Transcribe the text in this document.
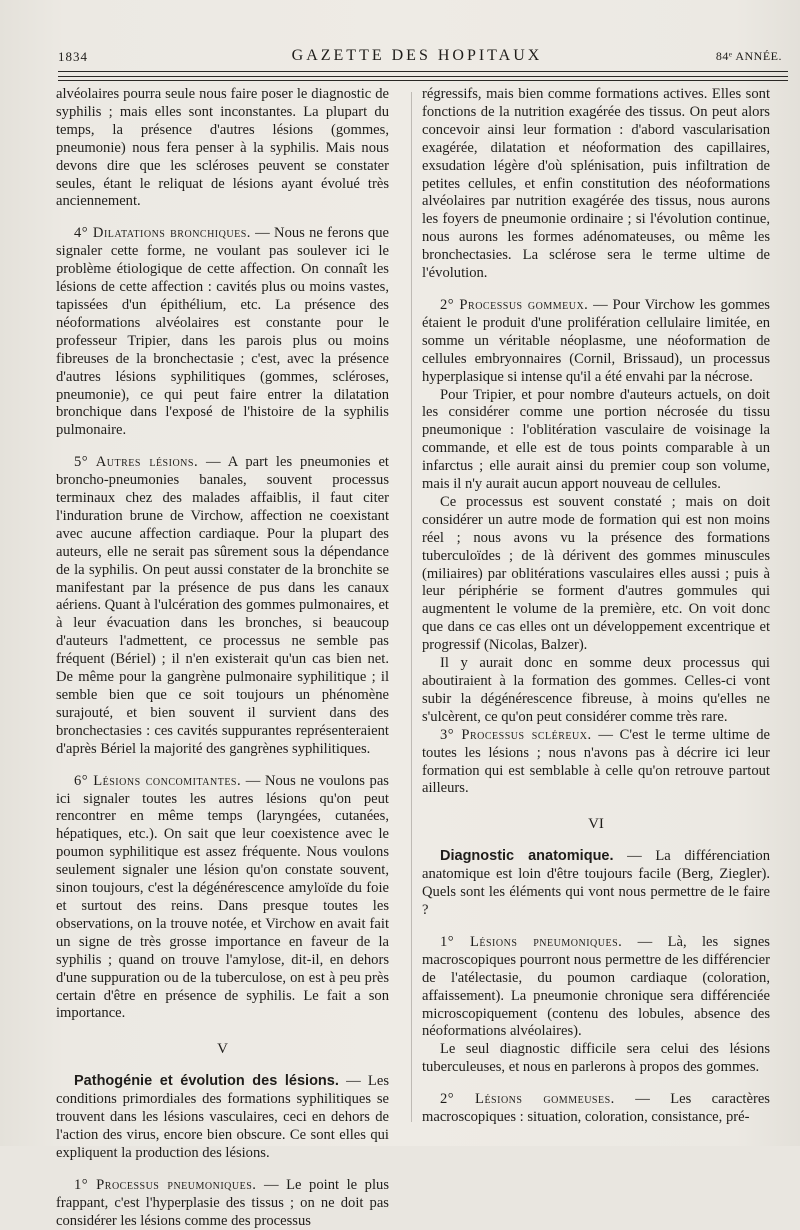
1834	GAZETTE DES HOPITAUX	84ᵉ ANNÉE.

alvéolaires pourra seule nous faire poser le diagnostic de syphilis ; mais elles sont inconstantes. La plupart du temps, la présence d'autres lésions (gommes, pneumonie) nous fera penser à la syphilis. Mais nous devons dire que les scléroses peuvent se constater seules, étant le reliquat de lésions ayant évolué très anciennement.

4° Dilatations bronchiques. — Nous ne ferons que signaler cette forme, ne voulant pas soulever ici le problème étiologique de cette affection. On connaît les lésions de cette affection : cavités plus ou moins vastes, tapissées d'un épithélium, etc. La présence des néoformations alvéolaires est constante pour le professeur Tripier, dans les parois plus ou moins fibreuses de la bronchectasie ; c'est, avec la présence d'autres lésions syphilitiques (gommes, scléroses, pneumonie), ce qui peut faire entrer la dilatation bronchique dans l'exposé de l'histoire de la syphilis pulmonaire.

5° Autres lésions. — A part les pneumonies et broncho-pneumonies banales, souvent processus terminaux chez des malades affaiblis, il faut citer l'induration brune de Virchow, affection ne coexistant avec aucune affection cardiaque. Pour la plupart des auteurs, elle ne serait pas sûrement sous la dépendance de la syphilis. On peut aussi constater de la bronchite se manifestant par la présence de pus dans les canaux aériens. Quant à l'ulcération des gommes pulmonaires, et à leur évacuation dans les bronches, si beaucoup d'auteurs l'admettent, ce processus ne semble pas fréquent (Bériel) ; il n'en existerait qu'un cas bien net. De même pour la gangrène pulmonaire syphilitique ; il semble bien que ce soit toujours un phénomène surajouté, et bien souvent il survient dans des bronchectasies : ces cavités suppurantes représenteraient d'après Bériel la majorité des gangrènes syphilitiques.

6° Lésions concomitantes. — Nous ne voulons pas ici signaler toutes les autres lésions qu'on peut rencontrer en même temps (laryngées, cutanées, hépatiques, etc.). On sait que leur coexistence avec le poumon syphilitique est assez fréquente. Nous voulons seulement signaler une lésion qu'on constate souvent, sinon toujours, c'est la dégénérescence amyloïde du foie et surtout des reins. Dans presque toutes les observations, on la trouve notée, et Virchow en avait fait un signe de très grosse importance en faveur de la syphilis ; quand on trouve l'amylose, dit-il, en dehors d'une suppuration ou de la tuberculose, on est à peu près certain d'être en présence de syphilis. Le fait a son importance.

V

Pathogénie et évolution des lésions. — Les conditions primordiales des formations syphilitiques se trouvent dans les lésions vasculaires, ceci en dehors de l'action des virus, encore bien obscure. Ce sont elles qui expliquent la production des lésions.

1° Processus pneumoniques. — Le point le plus frappant, c'est l'hyperplasie des tissus ; on ne doit pas considérer les lésions comme des processus

régressifs, mais bien comme formations actives. Elles sont fonctions de la nutrition exagérée des tissus. On peut alors concevoir ainsi leur formation : d'abord vascularisation exagérée, dilatation et néoformation des capillaires, exsudation légère d'où splénisation, puis infiltration de petites cellules, et enfin constitution des néoformations alvéolaires par nutrition exagérée des tissus, nous aurons les foyers de pneumonie ordinaire ; si l'évolution continue, nous aurons les formes adénomateuses, ou même les bronchectasies. La sclérose sera le terme ultime de l'évolution.

2° Processus gommeux. — Pour Virchow les gommes étaient le produit d'une prolifération cellulaire limitée, en somme un véritable néoplasme, une néoformation de cellules embryonnaires (Cornil, Brissaud), un processus hyperplasique si intense qu'il a été envahi par la nécrose.

Pour Tripier, et pour nombre d'auteurs actuels, on doit les considérer comme une portion nécrosée du tissu pneumonique : l'oblitération vasculaire de voisinage la commande, et elle est de tous points comparable à un infarctus ; elle aurait ainsi du premier coup son volume, mais il n'y aurait aucun apport nouveau de cellules.

Ce processus est souvent constaté ; mais on doit considérer un autre mode de formation qui est non moins réel ; nous avons vu la présence des formations tuberculoïdes ; de là dérivent des gommes minuscules (miliaires) par oblitérations vasculaires elles aussi ; puis à leur périphérie se forment d'autres gommules qui augmentent le volume de la première, etc. On voit donc que dans ce cas elles ont un développement excentrique et progressif (Nicolas, Balzer).

Il y aurait donc en somme deux processus qui aboutiraient à la formation des gommes. Celles-ci vont subir la dégénérescence fibreuse, à moins qu'elles ne s'ulcèrent, ce qu'on peut considérer comme très rare.

3° Processus scléreux. — C'est le terme ultime de toutes les lésions ; nous n'avons pas à décrire ici leur formation qui est semblable à celle qu'on retrouve partout ailleurs.

VI

Diagnostic anatomique. — La différenciation anatomique est loin d'être toujours facile (Berg, Ziegler). Quels sont les éléments qui vont nous permettre de le faire ?

1° Lésions pneumoniques. — Là, les signes macroscopiques pourront nous permettre de les différencier de l'atélectasie, du poumon cardiaque (coloration, affaissement). La pneumonie chronique sera différenciée microscopiquement (contenu des lobules, absence des néoformations alvéolaires).

Le seul diagnostic difficile sera celui des lésions tuberculeuses, et nous en parlerons à propos des gommes.

2° Lésions gommeuses. — Les caractères macroscopiques : situation, coloration, consistance, pré-
